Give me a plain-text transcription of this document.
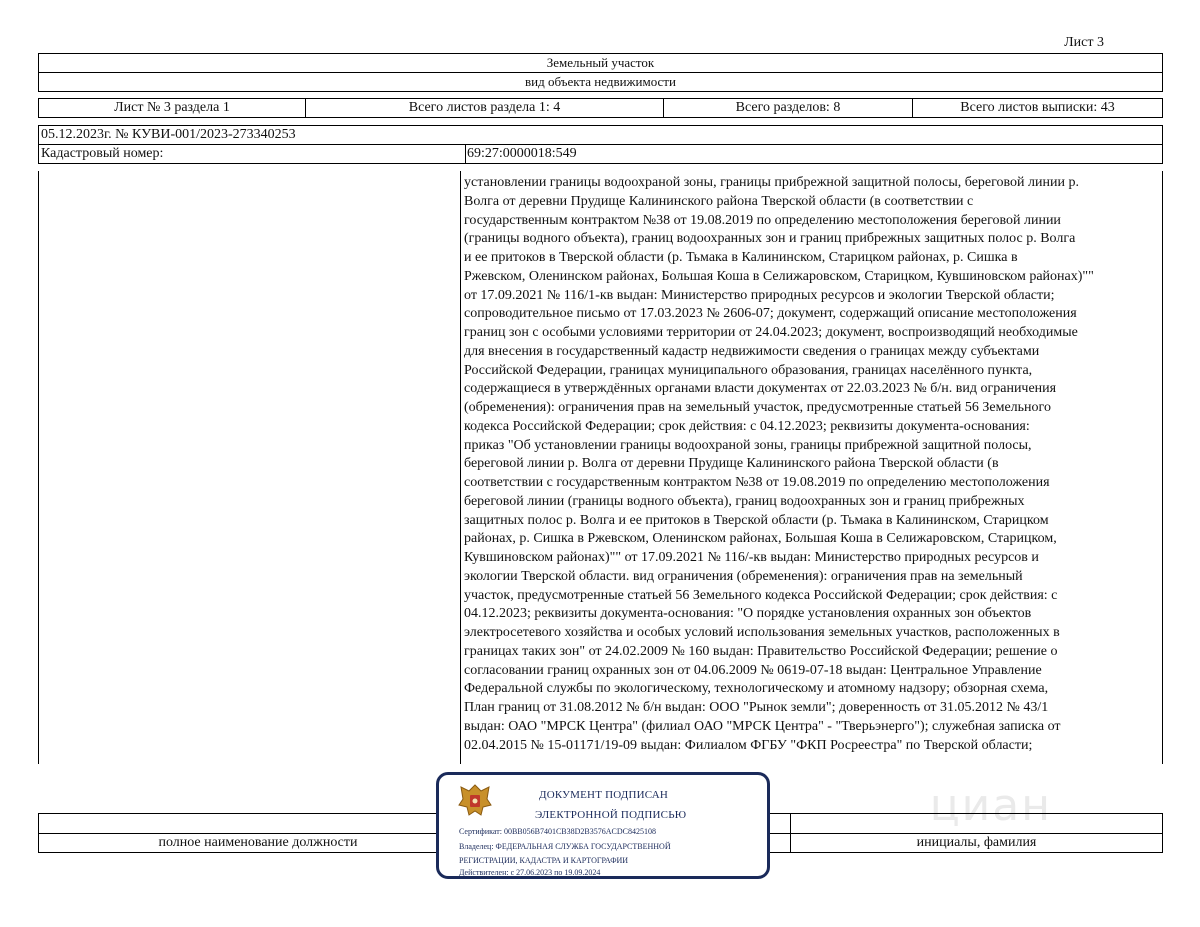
Лист 3
Земельный участок
вид объекта недвижимости
Лист № 3 раздела 1	Всего листов раздела 1: 4	Всего разделов: 8	Всего листов выписки: 43
05.12.2023г. № КУВИ-001/2023-273340253
Кадастровый номер:	69:27:0000018:549
установлении границы водоохраной зоны, границы прибрежной защитной полосы, береговой линии р.
Волга от деревни Прудище Калининского района Тверской области (в соответствии с
государственным контрактом №38 от 19.08.2019 по определению местоположения береговой линии
(границы водного объекта), границ водоохранных зон и границ прибрежных защитных полос р. Волга
и ее притоков в Тверской области (р. Тьмака в Калининском, Старицком районах, р. Сишка в
Ржевском, Оленинском районах, Большая Коша в Селижаровском, Старицком, Кувшиновском районах)""
от 17.09.2021 № 116/1-кв выдан: Министерство природных ресурсов и экологии Тверской области;
сопроводительное письмо от 17.03.2023 № 2606-07; документ, содержащий описание местоположения
границ зон с особыми условиями территории от 24.04.2023; документ, воспроизводящий необходимые
для внесения в государственный кадастр недвижимости сведения о границах между субъектами
Российской Федерации, границах муниципального образования, границах населённого пункта,
содержащиеся в утверждённых органами власти документах от 22.03.2023 № б/н. вид ограничения
(обременения): ограничения прав на земельный участок, предусмотренные статьей 56 Земельного
кодекса Российской Федерации; срок действия: с 04.12.2023; реквизиты документа-основания:
приказ "Об установлении границы водоохраной зоны, границы прибрежной защитной полосы,
береговой линии р. Волга от деревни Прудище Калининского района Тверской области (в
соответствии с государственным контрактом №38 от 19.08.2019 по определению местоположения
береговой линии (границы водного объекта), границ водоохранных зон и границ прибрежных
защитных полос р. Волга и ее притоков в Тверской области (р. Тьмака в Калининском, Старицком
районах, р. Сишка в Ржевском, Оленинском районах, Большая Коша в Селижаровском, Старицком,
Кувшиновском районах)"" от 17.09.2021 № 116/-кв выдан: Министерство природных ресурсов и
экологии Тверской области. вид ограничения (обременения): ограничения прав на земельный
участок, предусмотренные статьей 56 Земельного кодекса Российской Федерации; срок действия: с
04.12.2023; реквизиты документа-основания: "О порядке установления охранных зон объектов
электросетевого хозяйства и особых условий использования земельных участков, расположенных в
границах таких зон" от 24.02.2009 № 160 выдан: Правительство Российской Федерации; решение о
согласовании границ охранных зон от 04.06.2009 № 0619-07-18 выдан: Центральное Управление
Федеральной службы по экологическому, технологическому и атомному надзору; обзорная схема,
План границ от 31.08.2012 № б/н выдан: ООО "Рынок земли"; доверенность от 31.05.2012 № 43/1
выдан: ОАО "МРСК Центра" (филиал ОАО "МРСК Центра" - "Тверьэнерго"); служебная записка от
02.04.2015 № 15-01171/19-09 выдан: Филиалом ФГБУ "ФКП Росреестра" по Тверской области;
циан
полное наименование должности	инициалы, фамилия
ДОКУМЕНТ ПОДПИСАН
ЭЛЕКТРОННОЙ ПОДПИСЬЮ
Сертификат: 00BB056B7401CB38D2B3576ACDC8425108
Владелец: ФЕДЕРАЛЬНАЯ СЛУЖБА ГОСУДАРСТВЕННОЙ
РЕГИСТРАЦИИ, КАДАСТРА И КАРТОГРАФИИ
Действителен: с 27.06.2023 по 19.09.2024
